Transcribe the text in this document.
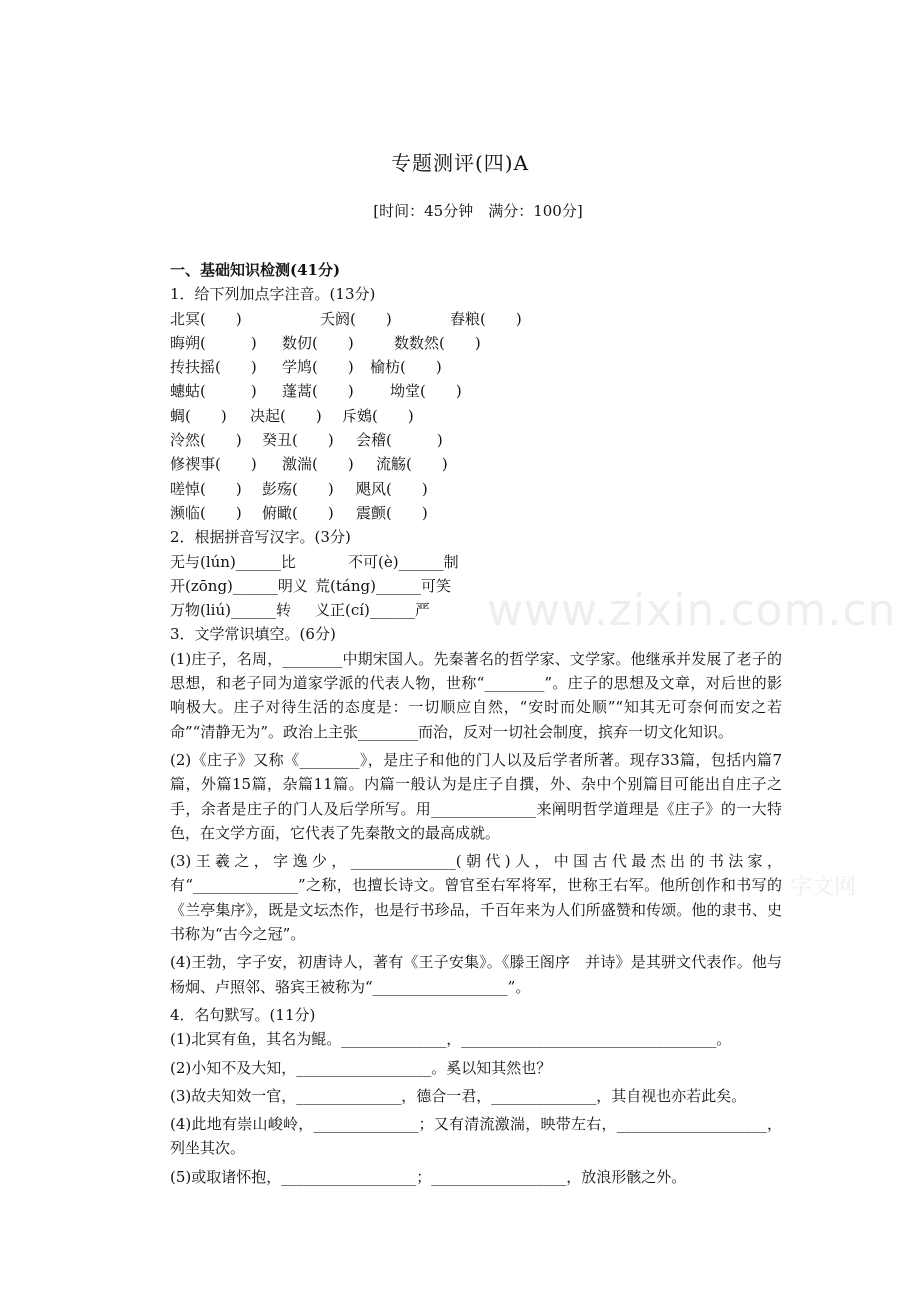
专题测评(四)A
[时间：45分钟　满分：100分]
www.zixin.com.cn
字文网
一、基础知识检测(41分)
1．给下列加点字注音。(13分)
北冥(　　)	夭阏(　　)	舂粮(　　)
晦朔(　　　) 数仞(　　)	数数然(　　)
抟扶摇(　　) 学鸠(　　) 榆枋(　　)
蟪蛄(　　　) 蓬蒿(　　) 坳堂(　　)
蜩(　　) 决起(　　) 斥鴳(　　)
泠然(　　) 癸丑(　　) 会稽(　　　)
修禊事(　　) 激湍(　　) 流觞(　　)
嗟悼(　　) 彭殇(　　) 飓风(　　)
濒临(　　) 俯瞰(　　) 震颤(　　)
2．根据拼音写汉字。(3分)
无与(lún)______比	不可(è)______制
开(zōng)______明义 荒(táng)______可笑
万物(liú)______转 义正(cí)______严
3．文学常识填空。(6分)
(1)庄子，名周，________中期宋国人。先秦著名的哲学家、文学家。他继承并发展了老子的思想，和老子同为道家学派的代表人物，世称“________”。庄子的思想及文章，对后世的影响极大。庄子对待生活的态度是：一切顺应自然，“安时而处顺”“知其无可奈何而安之若命”“清静无为”。政治上主张________而治，反对一切社会制度，摈弃一切文化知识。
(2)《庄子》又称《________》，是庄子和他的门人以及后学者所著。现存33篇，包括内篇7篇，外篇15篇，杂篇11篇。内篇一般认为是庄子自撰，外、杂中个别篇目可能出自庄子之手，余者是庄子的门人及后学所写。用______________来阐明哲学道理是《庄子》的一大特色，在文学方面，它代表了先秦散文的最高成就。
(3)王羲之，字逸少，______________(朝代)人，中国古代最杰出的书法家，有“______________”之称，也擅长诗文。曾官至右军将军，世称王右军。他所创作和书写的《兰亭集序》，既是文坛杰作，也是行书珍品，千百年来为人们所盛赞和传颂。他的隶书、史书称为“古今之冠”。
(4)王勃，字子安，初唐诗人，著有《王子安集》。《滕王阁序　并诗》是其骈文代表作。他与杨炯、卢照邻、骆宾王被称为“__________________”。
4．名句默写。(11分)
(1)北冥有鱼，其名为鲲。______________，__________________________________。
(2)小知不及大知，__________________。奚以知其然也？
(3)故夫知效一官，______________，德合一君，______________，其自视也亦若此矣。
(4)此地有崇山峻岭，______________；又有清流激湍，映带左右，____________________，列坐其次。
(5)或取诸怀抱，__________________；__________________，放浪形骸之外。
